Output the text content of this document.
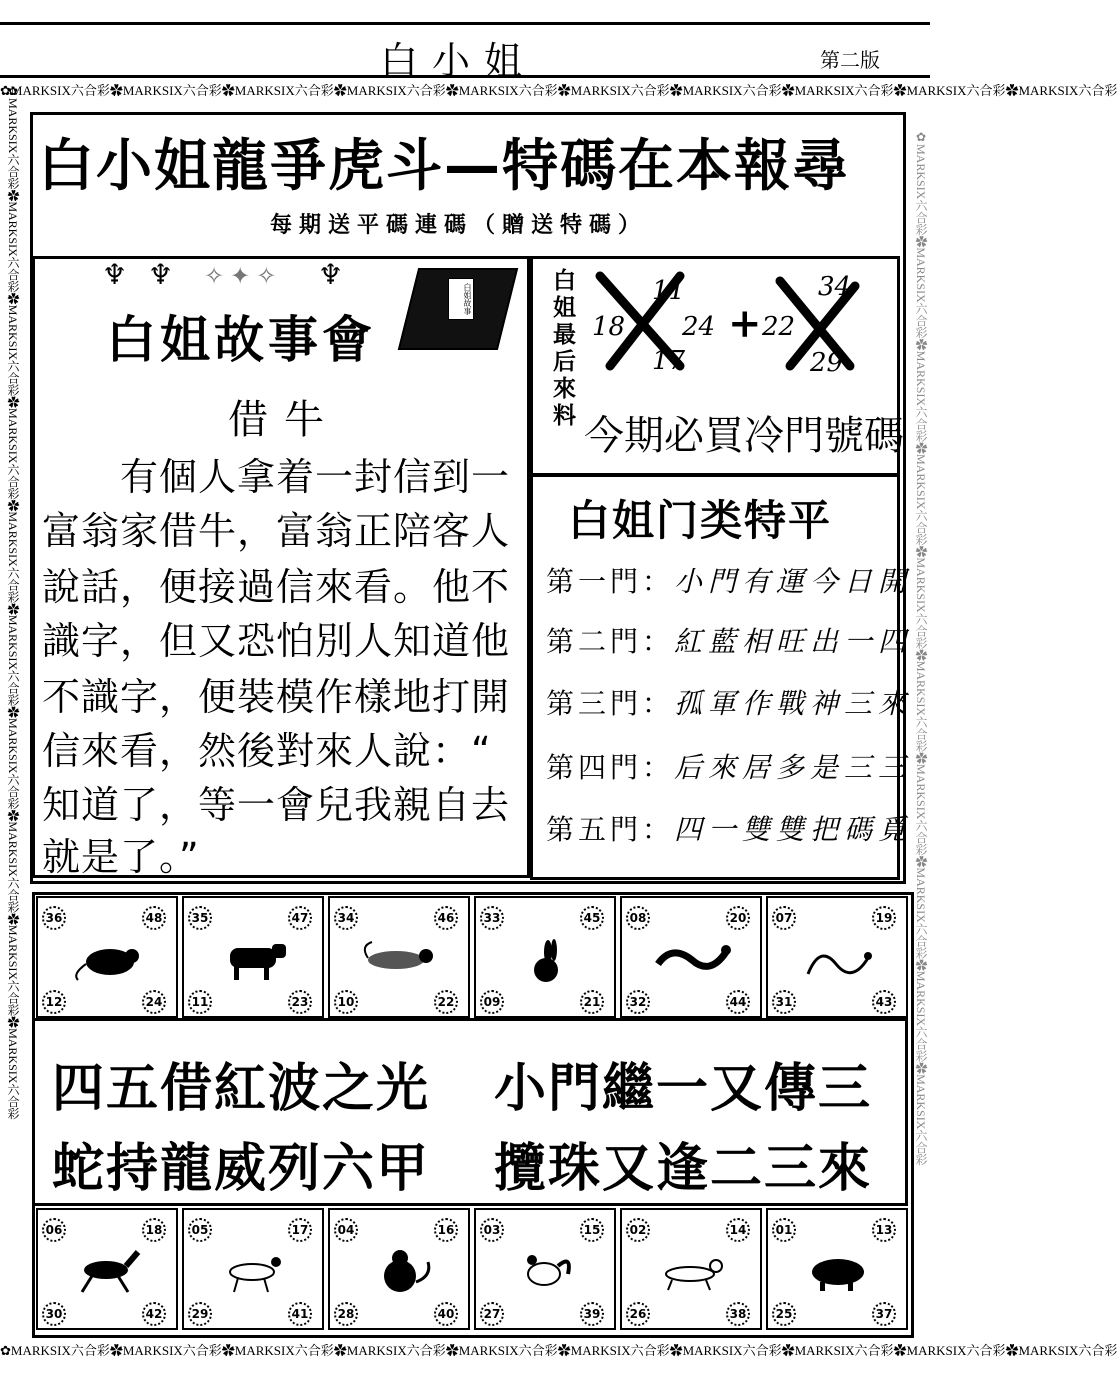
白小姐	第二版
✿MARKSIX六合彩✿MARKSIX六合彩✿MARKSIX六合彩✿MARKSIX六合彩✿MARKSIX六合彩✿MARKSIX六合彩✿MARKSIX六合彩✿MARKSIX六合彩✿MARKSIX六合彩✿MARKSIX六合彩
✿MARKSIX六合彩✿MARKSIX六合彩✿MARKSIX六合彩✿MARKSIX六合彩✿MARKSIX六合彩✿MARKSIX六合彩✿MARKSIX六合彩✿MARKSIX六合彩✿MARKSIX六合彩✿MARKSIX六合彩
✿MARKSIX六合彩✿MARKSIX六合彩✿MARKSIX六合彩✿MARKSIX六合彩✿MARKSIX六合彩✿MARKSIX六合彩✿MARKSIX六合彩✿MARKSIX六合彩✿MARKSIX六合彩✿MARKSIX六合彩	✿MARKSIX六合彩✿MARKSIX六合彩✿MARKSIX六合彩✿MARKSIX六合彩✿MARKSIX六合彩✿MARKSIX六合彩✿MARKSIX六合彩✿MARKSIX六合彩✿MARKSIX六合彩✿MARKSIX六合彩
白小姐龍爭虎斗—特碼在本報尋
每期送平碼連碼（贈送特碼）
♆ ♆ ✧✦✧ ♆
白姐故事會
白姐故事
借牛
有個人拿着一封信到一
富翁家借牛，富翁正陪客人
說話，便接過信來看。他不
識字，但又恐怕別人知道他
不識字，便裝模作樣地打開
信來看，然後對來人說：“
知道了，等一會兒我親自去
就是了。”
白姐最后來料	11
18 24
17
+
34
22
29
今期必買冷門號碼
白姐门类特平
第一門：小門有運今日開
第二門：紅藍相旺出一四
第三門：孤軍作戰神三來
第四門：后來居多是三三
第五門：四一雙雙把碼覓
36	48
12	24
35	47
11	23
34	46
10	22
33	45
09	21
08	20
32	44
07	19
31	43
四五借紅波之光 小門繼一又傳三
蛇持龍威列六甲 攬珠又逢二三來
06	18
30	42
05	17
29	41
04	16
28	40
03	15
27	39
02	14
26	38
01	13
25	37
